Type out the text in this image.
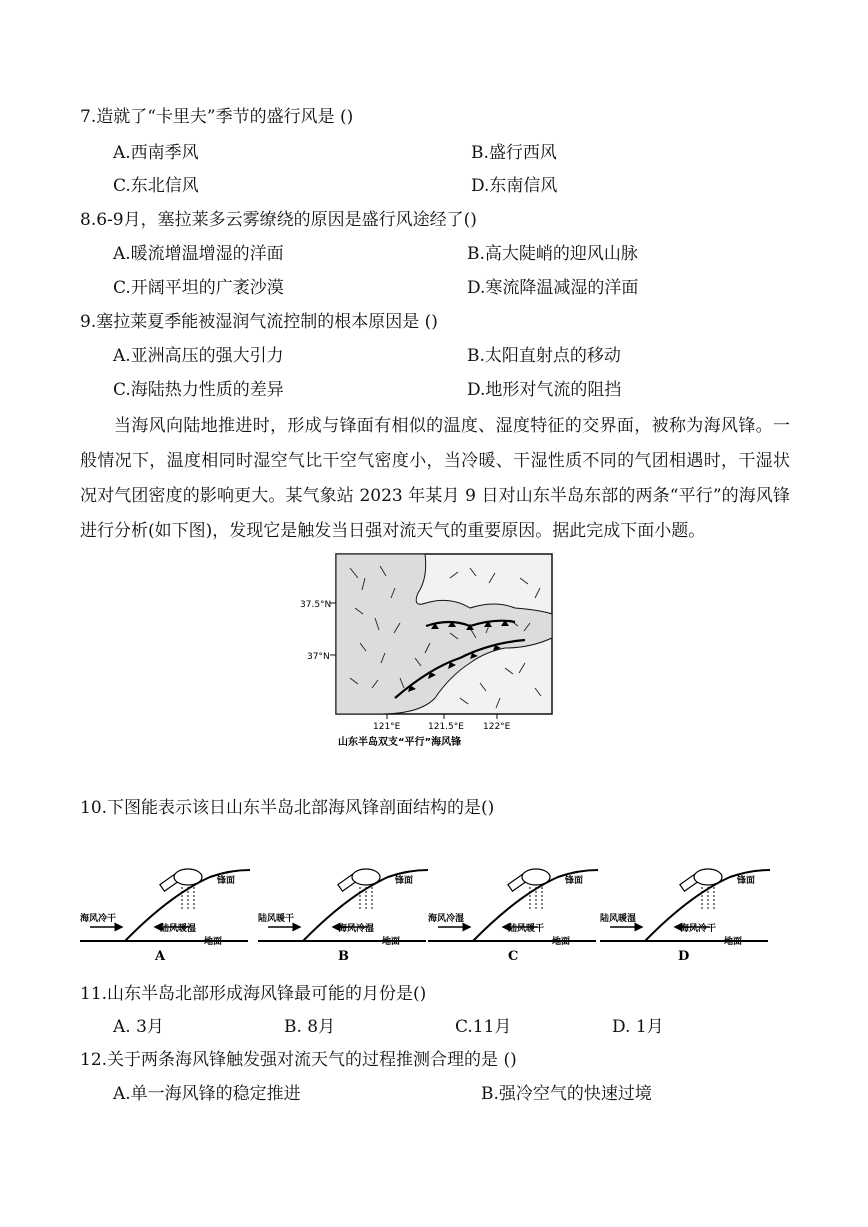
7.造就了“卡里夫”季节的盛行风是 ()
A.西南季风	B.盛行西风
C.东北信风	D.东南信风
8.6-9月，塞拉莱多云雾缭绕的原因是盛行风途经了()
A.暖流增温增湿的洋面	B.高大陡峭的迎风山脉
C.开阔平坦的广袤沙漠	D.寒流降温减湿的洋面
9.塞拉莱夏季能被湿润气流控制的根本原因是 ()
A.亚洲高压的强大引力	B.太阳直射点的移动
C.海陆热力性质的差异	D.地形对气流的阻挡

当海风向陆地推进时，形成与锋面有相似的温度、湿度特征的交界面，被称为海风锋。一般情况下，温度相同时湿空气比干空气密度小，当冷暖、干湿性质不同的气团相遇时，干湿状况对气团密度的影响更大。某气象站 2023 年某月 9 日对山东半岛东部的两条“平行”的海风锋进行分析(如下图)，发现它是触发当日强对流天气的重要原因。据此完成下面小题。

37.5°N
37°N
121°E	121.5°E 122°E
山东半岛双支“平行”海风锋
10.下图能表示该日山东半岛北部海风锋剖面结构的是()
海风冷干
陆风暖湿
锋面
地面
A
陆风暖干
海风冷湿
锋面
地面
B
海风冷湿
陆风暖干
锋面
地面
C
陆风暖湿
海风冷干
锋面
地面
D
11.山东半岛北部形成海风锋最可能的月份是()
A. 3月	B. 8月	C.11月	D. 1月
12.关于两条海风锋触发强对流天气的过程推测合理的是 ()
A.单一海风锋的稳定推进	B.强冷空气的快速过境
